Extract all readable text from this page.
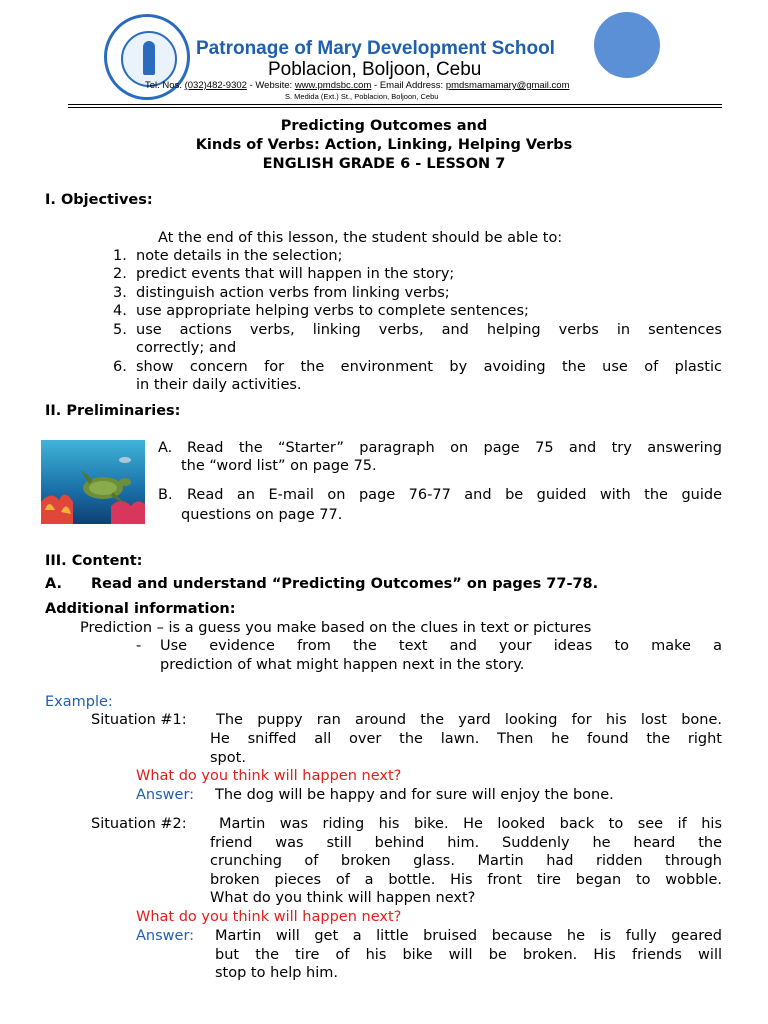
Patronage of Mary Development School
Poblacion, Boljoon, Cebu
Tel. Nos. (032)482-9302 - Website: www.pmdsbc.com - Email Address: pmdsmamamary@gmail.com
S. Medida (Ext.) St., Poblacion, Boljoon, Cebu
Predicting Outcomes and
Kinds of Verbs: Action, Linking, Helping Verbs
ENGLISH GRADE 6 - LESSON 7
I. Objectives:
At the end of this lesson, the student should be able to:
1. note details in the selection;
2. predict events that will happen in the story;
3. distinguish action verbs from linking verbs;
4. use appropriate helping verbs to complete sentences;
5. use actions verbs, linking verbs, and helping verbs in sentences
correctly; and
6. show concern for the environment by avoiding the use of plastic
in their daily activities.
II. Preliminaries:
A. Read the “Starter” paragraph on page 75 and try answering
the “word list” on page 75.
B. Read an E-mail on page 76-77 and be guided with the guide
questions on page 77.
III. Content:
A. Read and understand “Predicting Outcomes” on pages 77-78.
Additional information:
Prediction – is a guess you make based on the clues in text or pictures
- Use evidence from the text and your ideas to make a
prediction of what might happen next in the story.
Example:
Situation #1: The puppy ran around the yard looking for his lost bone.
He sniffed all over the lawn. Then he found the right
spot.
What do you think will happen next?
Answer: The dog will be happy and for sure will enjoy the bone.
Situation #2: Martin was riding his bike. He looked back to see if his
friend was still behind him. Suddenly he heard the
crunching of broken glass. Martin had ridden through
broken pieces of a bottle. His front tire began to wobble.
What do you think will happen next?
What do you think will happen next?
Answer: Martin will get a little bruised because he is fully geared
but the tire of his bike will be broken. His friends will
stop to help him.
